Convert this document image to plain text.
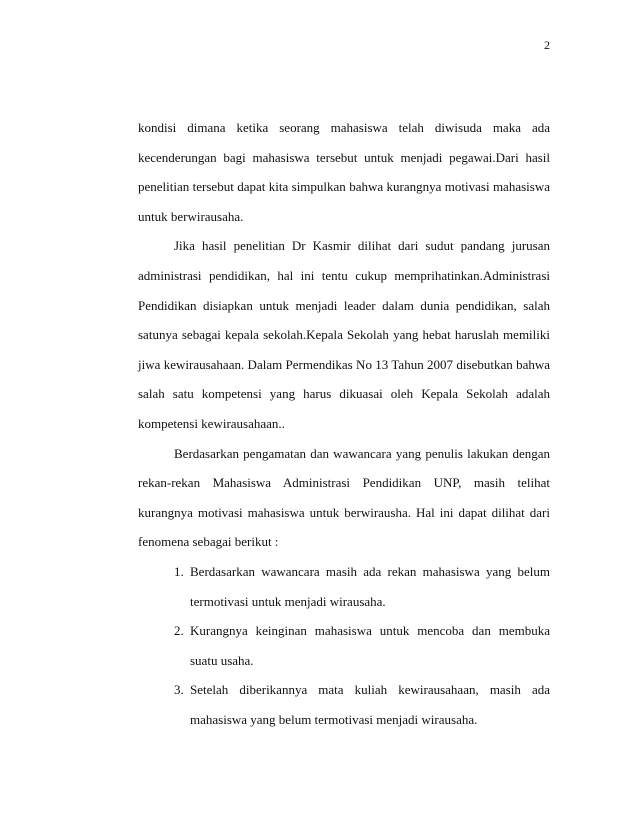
2

kondisi dimana ketika seorang mahasiswa telah diwisuda maka ada kecenderungan bagi mahasiswa tersebut untuk menjadi pegawai.Dari hasil penelitian tersebut dapat kita simpulkan bahwa kurangnya motivasi mahasiswa untuk berwirausaha.

Jika hasil penelitian Dr Kasmir dilihat dari sudut pandang jurusan administrasi pendidikan, hal ini tentu cukup memprihatinkan.Administrasi Pendidikan disiapkan untuk menjadi leader dalam dunia pendidikan, salah satunya sebagai kepala sekolah.Kepala Sekolah yang hebat haruslah memiliki jiwa kewirausahaan. Dalam Permendikas No 13 Tahun 2007 disebutkan bahwa salah satu kompetensi yang harus dikuasai oleh Kepala Sekolah adalah kompetensi kewirausahaan..

Berdasarkan pengamatan dan wawancara yang penulis lakukan dengan rekan-rekan Mahasiswa Administrasi Pendidikan UNP, masih telihat kurangnya motivasi mahasiswa untuk berwirausha. Hal ini dapat dilihat dari fenomena sebagai berikut :

1. Berdasarkan wawancara masih ada rekan mahasiswa yang belum termotivasi untuk menjadi wirausaha.

2. Kurangnya keinginan mahasiswa untuk mencoba dan membuka suatu usaha.

3. Setelah diberikannya mata kuliah kewirausahaan, masih ada mahasiswa yang belum termotivasi menjadi wirausaha.
